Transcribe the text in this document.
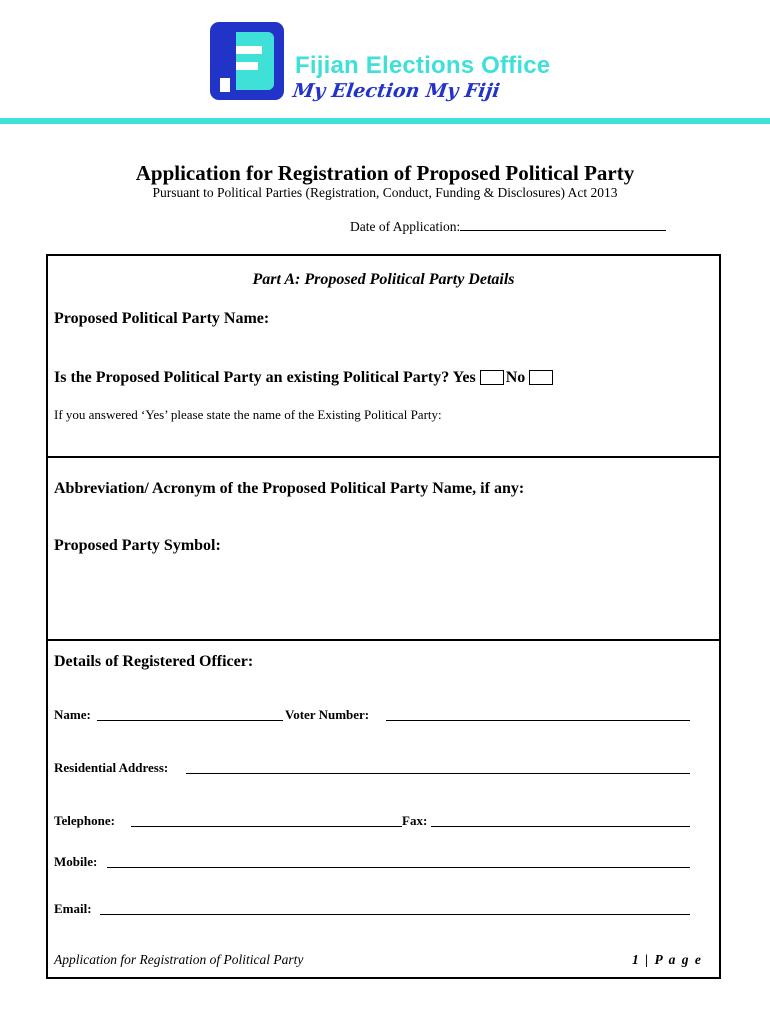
Fijian Elections Office
My Election My Fiji
Application for Registration of Proposed Political Party
Pursuant to Political Parties (Registration, Conduct, Funding & Disclosures) Act 2013
Date of Application:
Part A: Proposed Political Party Details
Proposed Political Party Name:
Is the Proposed Political Party an existing Political Party? Yes No
If you answered ‘Yes’ please state the name of the Existing Political Party:
Abbreviation/ Acronym of the Proposed Political Party Name, if any:
Proposed Party Symbol:
Details of Registered Officer:
Name:	Voter Number:
Residential Address:
Telephone:	Fax:
Mobile:
Email:
Application for Registration of Political Party	1 | P a g e
